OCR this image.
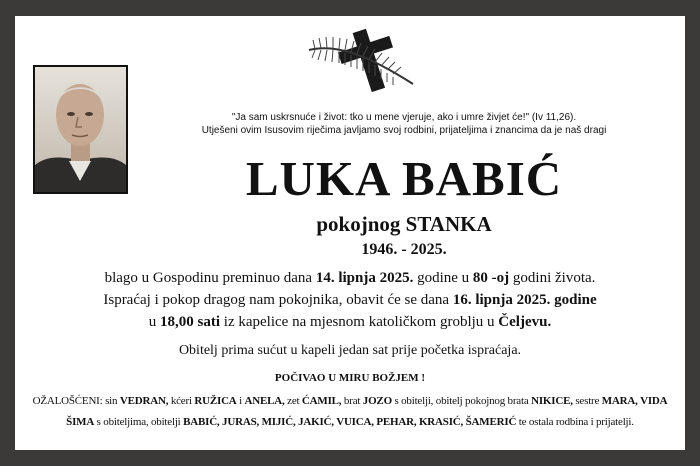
"Ja sam uskrsnuće i život: tko u mene vjeruje, ako i umre živjet će!" (Iv 11,26).
Utješeni ovim Isusovim riječima javljamo svoj rodbini, prijateljima i znancima da je naš dragi
LUKA BABIĆ
pokojnog STANKA
1946. - 2025.
blago u Gospodinu preminuo dana 14. lipnja 2025. godine u 80 -oj godini života.
Ispraćaj i pokop dragog nam pokojnika, obavit će se dana 16. lipnja 2025. godine
u 18,00 sati iz kapelice na mjesnom katoličkom groblju u Čeljevu.
Obitelj prima sućut u kapeli jedan sat prije početka ispraćaja.
POČIVAO U MIRU BOŽJEM !
OŽALOŠĆENI: sin VEDRAN, kćeri RUŽICA i ANELA, zet ĆAMIL, brat JOZO s obitelji, obitelj pokojnog brata NIKICE, sestre MARA, VIDA
ŠIMA s obiteljima, obitelji BABIĆ, JURAS, MIJIĆ, JAKIĆ, VUICA, PEHAR, KRASIĆ, ŠAMERIĆ te ostala rodbina i prijatelji.
